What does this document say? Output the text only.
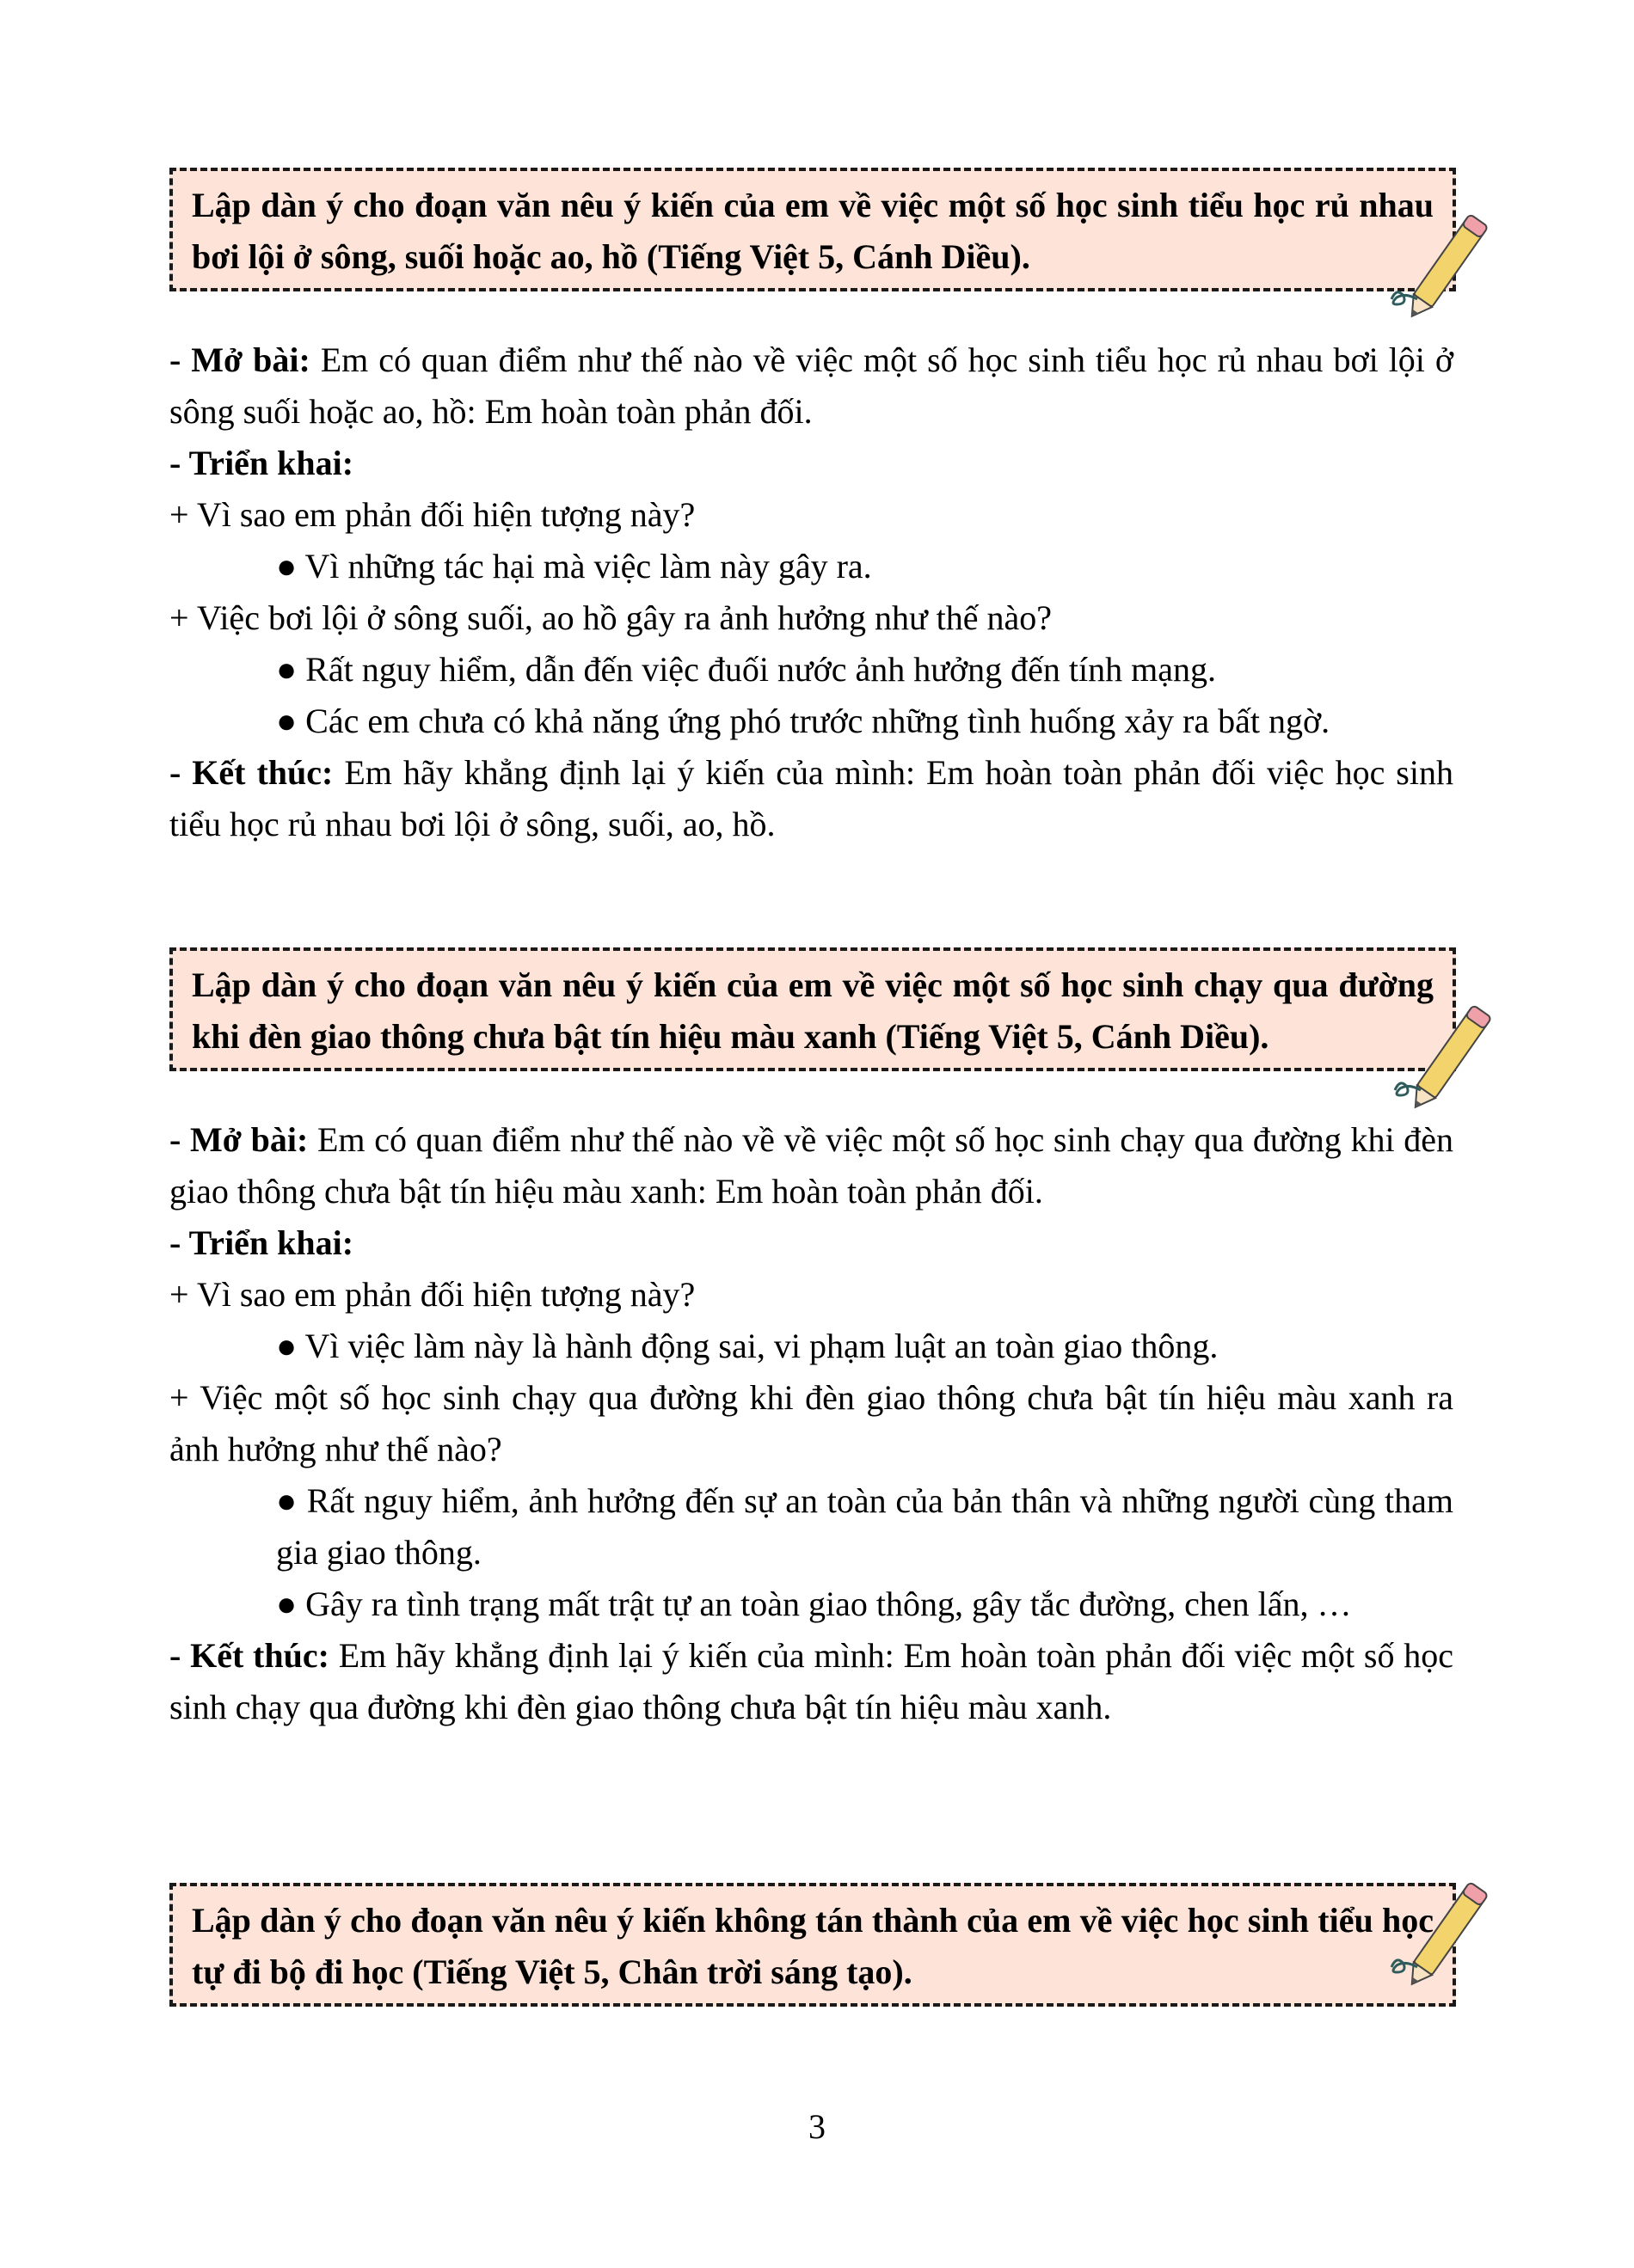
Lập dàn ý cho đoạn văn nêu ý kiến của em về việc một số học sinh tiểu học rủ nhau bơi lội ở sông, suối hoặc ao, hồ (Tiếng Việt 5, Cánh Diều).

- Mở bài: Em có quan điểm như thế nào về việc một số học sinh tiểu học rủ nhau bơi lội ở sông suối hoặc ao, hồ: Em hoàn toàn phản đối.

- Triển khai:

+ Vì sao em phản đối hiện tượng này?

● Vì những tác hại mà việc làm này gây ra.

+ Việc bơi lội ở sông suối, ao hồ gây ra ảnh hưởng như thế nào?

● Rất nguy hiểm, dẫn đến việc đuối nước ảnh hưởng đến tính mạng.

● Các em chưa có khả năng ứng phó trước những tình huống xảy ra bất ngờ.

- Kết thúc: Em hãy khẳng định lại ý kiến của mình: Em hoàn toàn phản đối việc học sinh tiểu học rủ nhau bơi lội ở sông, suối, ao, hồ.

Lập dàn ý cho đoạn văn nêu ý kiến của em về việc một số học sinh chạy qua đường khi đèn giao thông chưa bật tín hiệu màu xanh (Tiếng Việt 5, Cánh Diều).

- Mở bài: Em có quan điểm như thế nào về về việc một số học sinh chạy qua đường khi đèn giao thông chưa bật tín hiệu màu xanh: Em hoàn toàn phản đối.

- Triển khai:

+ Vì sao em phản đối hiện tượng này?

● Vì việc làm này là hành động sai, vi phạm luật an toàn giao thông.

+ Việc một số học sinh chạy qua đường khi đèn giao thông chưa bật tín hiệu màu xanh ra ảnh hưởng như thế nào?

● Rất nguy hiểm, ảnh hưởng đến sự an toàn của bản thân và những người cùng tham gia giao thông.

● Gây ra tình trạng mất trật tự an toàn giao thông, gây tắc đường, chen lấn, …

- Kết thúc: Em hãy khẳng định lại ý kiến của mình: Em hoàn toàn phản đối việc một số học sinh chạy qua đường khi đèn giao thông chưa bật tín hiệu màu xanh.

Lập dàn ý cho đoạn văn nêu ý kiến không tán thành của em về việc học sinh tiểu học tự đi bộ đi học (Tiếng Việt 5, Chân trời sáng tạo).
3
